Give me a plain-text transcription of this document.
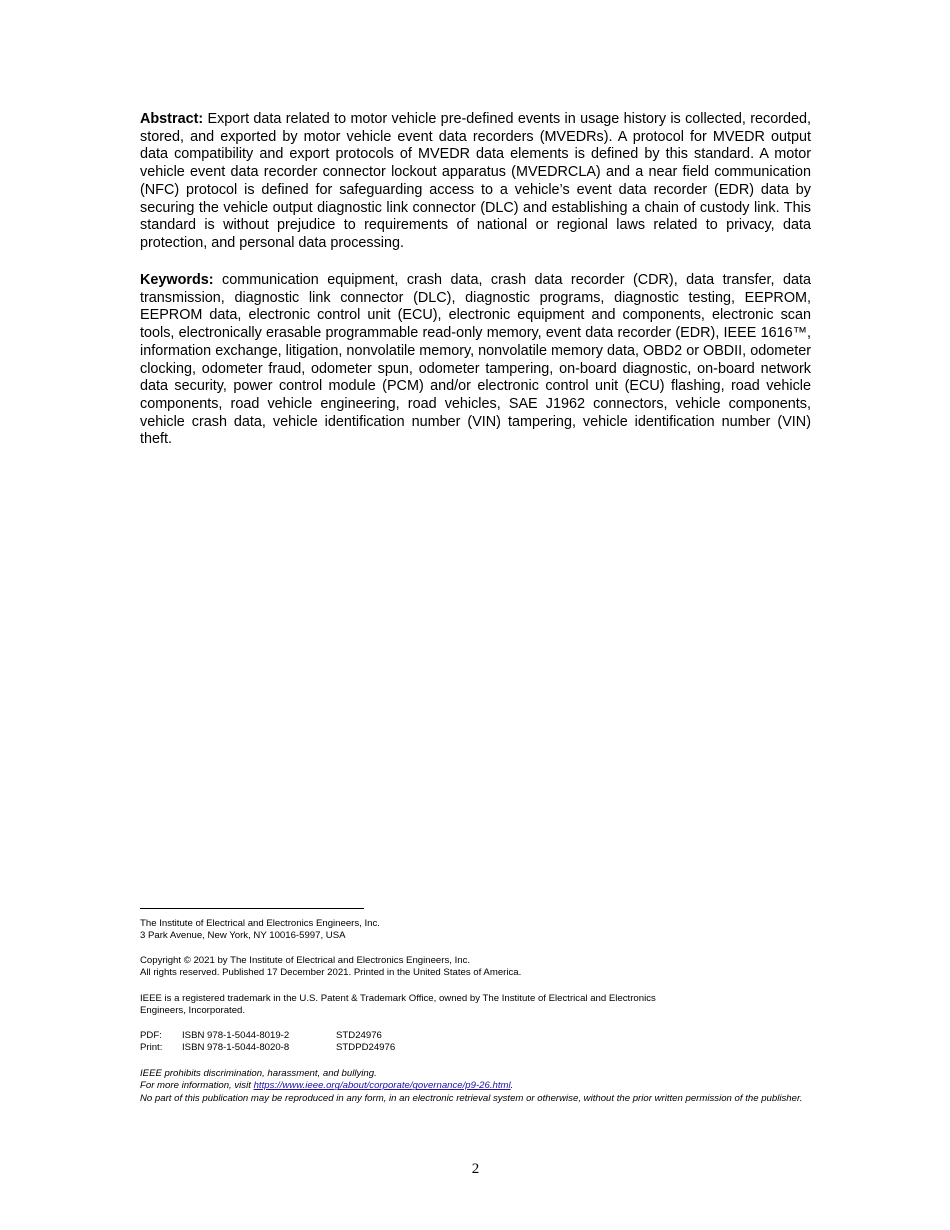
Abstract: Export data related to motor vehicle pre-defined events in usage history is collected, recorded, stored, and exported by motor vehicle event data recorders (MVEDRs). A protocol for MVEDR output data compatibility and export protocols of MVEDR data elements is defined by this standard. A motor vehicle event data recorder connector lockout apparatus (MVEDRCLA) and a near field communication (NFC) protocol is defined for safeguarding access to a vehicle’s event data recorder (EDR) data by securing the vehicle output diagnostic link connector (DLC) and establishing a chain of custody link. This standard is without prejudice to requirements of national or regional laws related to privacy, data protection, and personal data processing.

Keywords: communication equipment, crash data, crash data recorder (CDR), data transfer, data transmission, diagnostic link connector (DLC), diagnostic programs, diagnostic testing, EEPROM, EEPROM data, electronic control unit (ECU), electronic equipment and components, electronic scan tools, electronically erasable programmable read-only memory, event data recorder (EDR), IEEE 1616™, information exchange, litigation, nonvolatile memory, nonvolatile memory data, OBD2 or OBDII, odometer clocking, odometer fraud, odometer spun, odometer tampering, on-board diagnostic, on-board network data security, power control module (PCM) and/or electronic control unit (ECU) flashing, road vehicle components, road vehicle engineering, road vehicles, SAE J1962 connectors, vehicle components, vehicle crash data, vehicle identification number (VIN) tampering, vehicle identification number (VIN) theft.

The Institute of Electrical and Electronics Engineers, Inc.
3 Park Avenue, New York, NY 10016-5997, USA

Copyright © 2021 by The Institute of Electrical and Electronics Engineers, Inc.
All rights reserved. Published 17 December 2021. Printed in the United States of America.

IEEE is a registered trademark in the U.S. Patent & Trademark Office, owned by The Institute of Electrical and Electronics
Engineers, Incorporated.

PDF: ISBN 978-1-5044-8019-2	STD24976
Print: ISBN 978-1-5044-8020-8	STDPD24976

IEEE prohibits discrimination, harassment, and bullying.
For more information, visit https://www.ieee.org/about/corporate/governance/p9-26.html.
No part of this publication may be reproduced in any form, in an electronic retrieval system or otherwise, without the prior written permission of the publisher.

2
